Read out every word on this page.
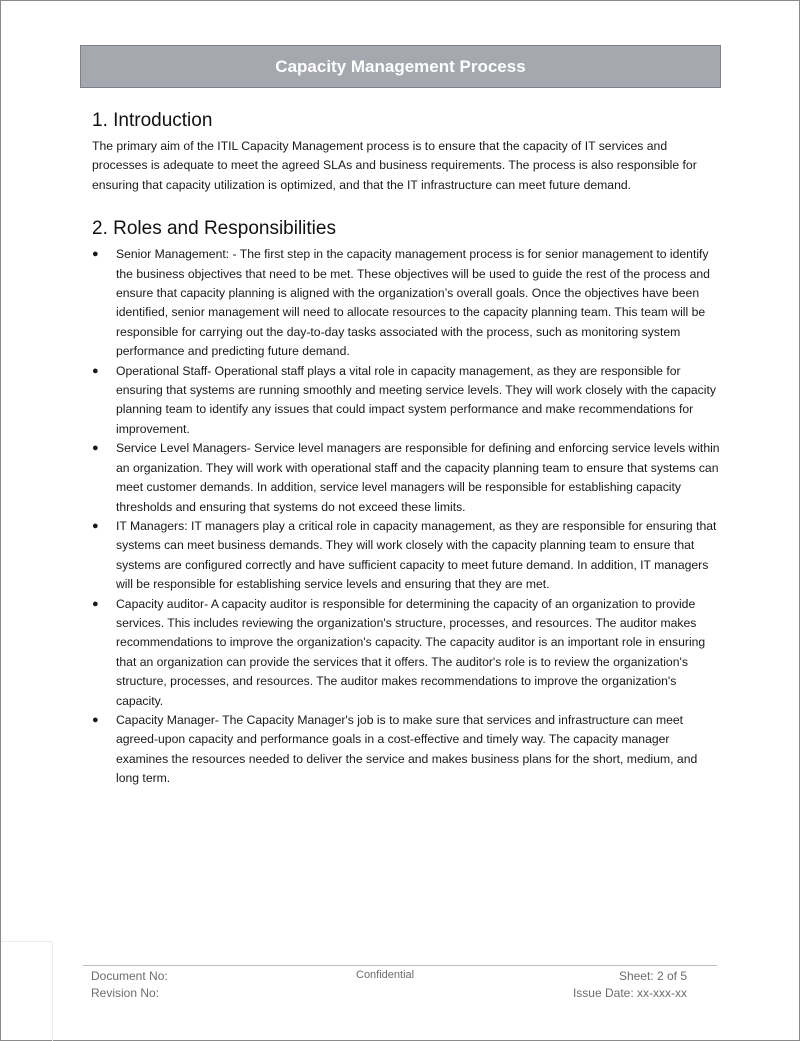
Capacity Management Process
1. Introduction

The primary aim of the ITIL Capacity Management process is to ensure that the capacity of IT services and processes is adequate to meet the agreed SLAs and business requirements. The process is also responsible for ensuring that capacity utilization is optimized, and that the IT infrastructure can meet future demand.

2. Roles and Responsibilities
● Senior Management: - The first step in the capacity management process is for senior management to identify the business objectives that need to be met. These objectives will be used to guide the rest of the process and ensure that capacity planning is aligned with the organization’s overall goals. Once the objectives have been identified, senior management will need to allocate resources to the capacity planning team. This team will be responsible for carrying out the day-to-day tasks associated with the process, such as monitoring system performance and predicting future demand.
● Operational Staff- Operational staff plays a vital role in capacity management, as they are responsible for ensuring that systems are running smoothly and meeting service levels. They will work closely with the capacity planning team to identify any issues that could impact system performance and make recommendations for improvement.
● Service Level Managers- Service level managers are responsible for defining and enforcing service levels within an organization. They will work with operational staff and the capacity planning team to ensure that systems can meet customer demands. In addition, service level managers will be responsible for establishing capacity thresholds and ensuring that systems do not exceed these limits.
● IT Managers: IT managers play a critical role in capacity management, as they are responsible for ensuring that systems can meet business demands. They will work closely with the capacity planning team to ensure that systems are configured correctly and have sufficient capacity to meet future demand. In addition, IT managers will be responsible for establishing service levels and ensuring that they are met.
● Capacity auditor- A capacity auditor is responsible for determining the capacity of an organization to provide services. This includes reviewing the organization's structure, processes, and resources. The auditor makes recommendations to improve the organization's capacity. The capacity auditor is an important role in ensuring that an organization can provide the services that it offers. The auditor's role is to review the organization's structure, processes, and resources. The auditor makes recommendations to improve the organization's capacity.
● Capacity Manager- The Capacity Manager's job is to make sure that services and infrastructure can meet agreed-upon capacity and performance goals in a cost-effective and timely way. The capacity manager examines the resources needed to deliver the service and makes business plans for the short, medium, and long term.
Document No:	Confidential	Sheet: 2 of 5
Revision No:	Issue Date: xx-xxx-xx
